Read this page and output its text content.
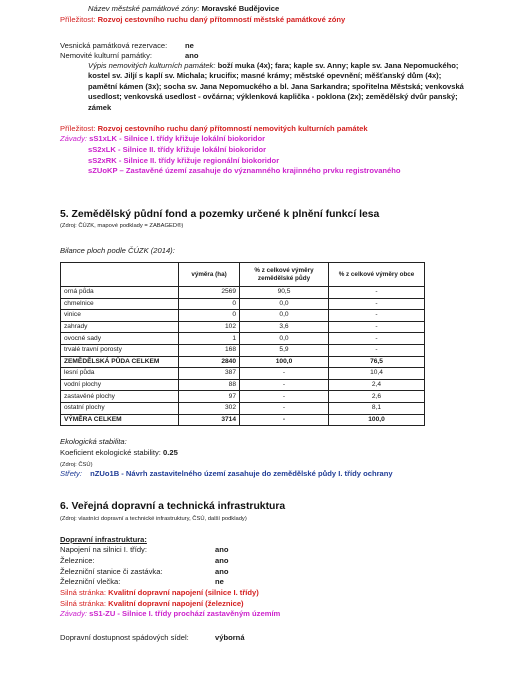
Název městské památkové zóny: Moravské Budějovice
Příležitost: Rozvoj cestovního ruchu daný přítomností městské památkové zóny
Vesnická památková rezervace: ne
Nemovité kulturní památky:	ano
Výpis nemovitých kulturních památek: boží muka (4x); fara; kaple sv. Anny; kaple sv. Jana Nepomuckého;
kostel sv. Jiljí s kaplí sv. Michala; krucifix; masné krámy; městské opevnění; měšťanský dům (4x);
pamětní kámen (3x); socha sv. Jana Nepomuckého a bl. Jana Sarkandra; spořitelna Městská; venkovská
usedlost; venkovská usedlost - ovčárna; výklenková kaplička - poklona (2x); zemědělský dvůr panský;
zámek
Příležitost: Rozvoj cestovního ruchu daný přítomností nemovitých kulturních památek
Závady: sS1xLK - Silnice I. třídy křižuje lokální biokoridor
sS2xLK - Silnice II. třídy křižuje lokální biokoridor
sS2xRK - Silnice II. třídy křižuje regionální biokoridor
sZUoKP – Zastavěné území zasahuje do významného krajinného prvku registrovaného
5. Zemědělský půdní fond a pozemky určené k plnění funkcí lesa
(Zdroj: ČÚZK, mapové podklady = ZABAGED®)
Bilance ploch podle ČÚZK (2014):
	výměra (ha)	% z celkové výměry zemědělské půdy	% z celkové výměry obce
orná půda	2569	90,5	-
chmelnice	0	0,0	-
vinice	0	0,0	-
zahrady	102	3,6	-
ovocné sady	1	0,0	-
trvalé travní porosty	168	5,9	-
ZEMĚDĚLSKÁ PŮDA CELKEM	2840	100,0	76,5
lesní půda	387	-	10,4
vodní plochy	88	-	2,4
zastavěné plochy	97	-	2,6
ostatní plochy	302	-	8,1
VÝMĚRA CELKEM	3714	-	100,0
Ekologická stabilita:
Koeficient ekologické stability: 0.25
(Zdroj: ČSÚ)
Střety: nZUo1B - Návrh zastavitelného území zasahuje do zemědělské půdy I. třídy ochrany
6. Veřejná dopravní a technická infrastruktura
(Zdroj: vlastníci dopravní a technické infrastruktury, ČSÚ, další podklady)
Dopravní infrastruktura:
Napojení na silnici I. třídy:	ano
Železnice:	ano
Železniční stanice či zastávka:	ano
Železniční vlečka:	ne
Silná stránka: Kvalitní dopravní napojení (silnice I. třídy)
Silná stránka: Kvalitní dopravní napojení (železnice)
Závady: sS1-ZU - Silnice I. třídy prochází zastavěným územím
Dopravní dostupnost spádových sídel:	výborná
